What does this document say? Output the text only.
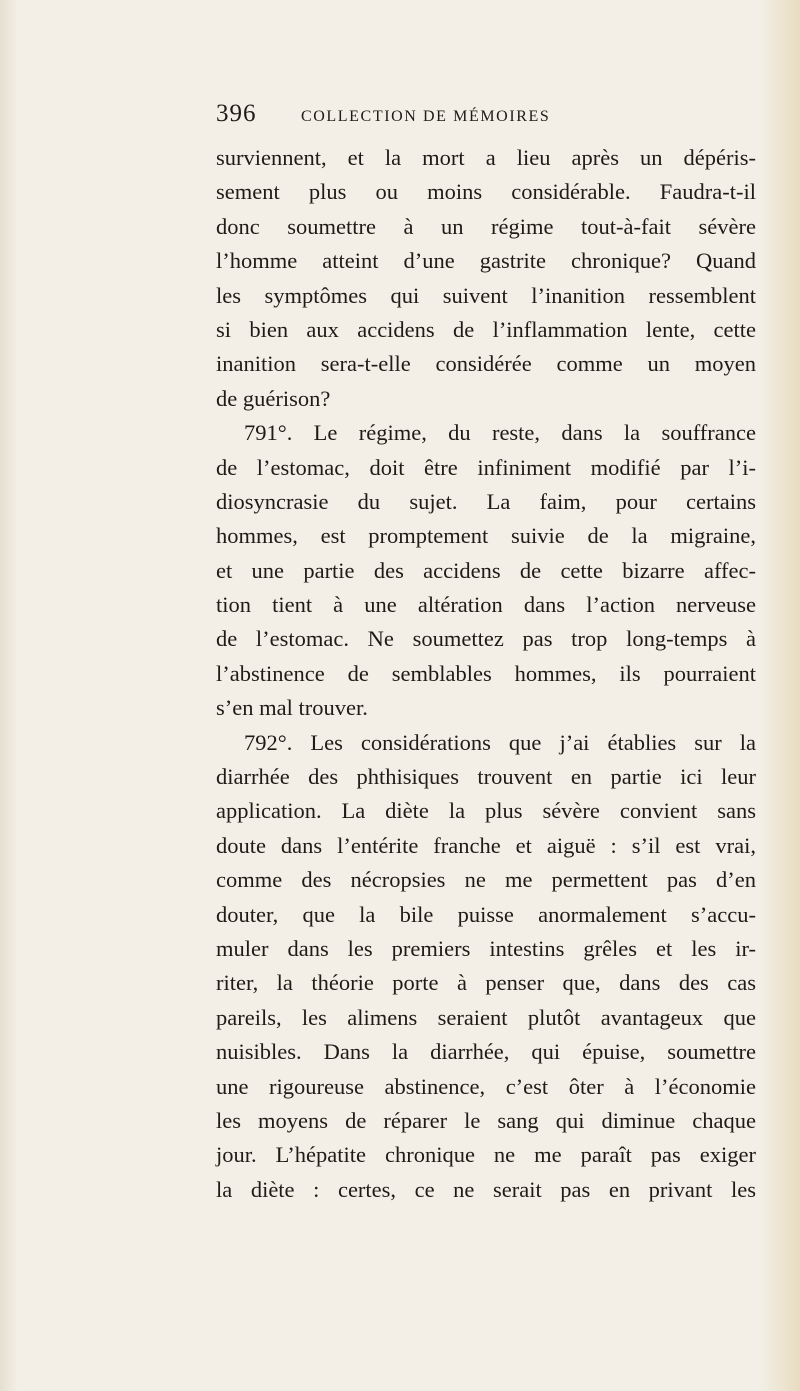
396	COLLECTION DE MÉMOIRES
surviennent, et la mort a lieu après un dépéris-
sement plus ou moins considérable. Faudra-t-il
donc soumettre à un régime tout-à-fait sévère
l’homme atteint d’une gastrite chronique? Quand
les symptômes qui suivent l’inanition ressemblent
si bien aux accidens de l’inflammation lente, cette
inanition sera-t-elle considérée comme un moyen
de guérison?
791°. Le régime, du reste, dans la souffrance
de l’estomac, doit être infiniment modifié par l’i-
diosyncrasie du sujet. La faim, pour certains
hommes, est promptement suivie de la migraine,
et une partie des accidens de cette bizarre affec-
tion tient à une altération dans l’action nerveuse
de l’estomac. Ne soumettez pas trop long-temps à
l’abstinence de semblables hommes, ils pourraient
s’en mal trouver.
792°. Les considérations que j’ai établies sur la
diarrhée des phthisiques trouvent en partie ici leur
application. La diète la plus sévère convient sans
doute dans l’entérite franche et aiguë : s’il est vrai,
comme des nécropsies ne me permettent pas d’en
douter, que la bile puisse anormalement s’accu-
muler dans les premiers intestins grêles et les ir-
riter, la théorie porte à penser que, dans des cas
pareils, les alimens seraient plutôt avantageux que
nuisibles. Dans la diarrhée, qui épuise, soumettre
une rigoureuse abstinence, c’est ôter à l’économie
les moyens de réparer le sang qui diminue chaque
jour. L’hépatite chronique ne me paraît pas exiger
la diète : certes, ce ne serait pas en privant les
